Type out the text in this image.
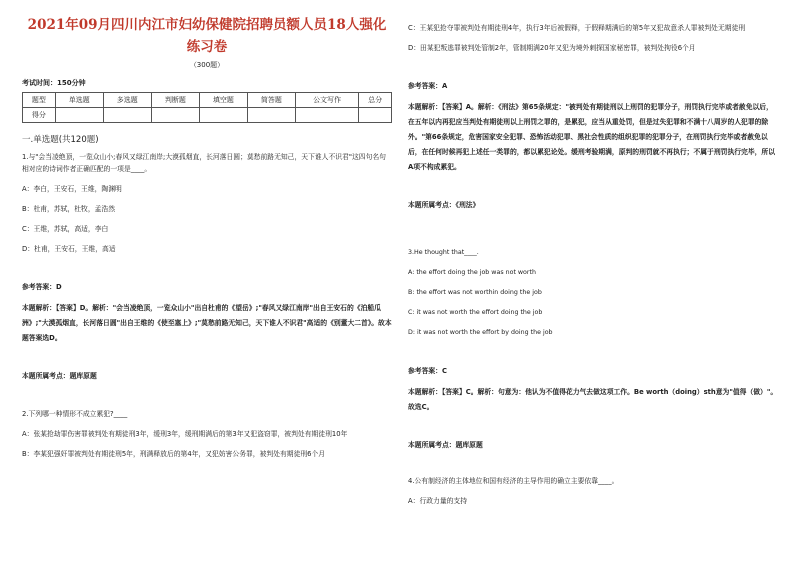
2021年09月四川内江市妇幼保健院招聘员额人员18人强化练习卷
（300题）
考试时间：150分钟
题型	单选题	多选题	判断题	填空题	简答题	公文写作	总分
得分							
一.单选题(共120题)
1.与"会当凌绝顶，一览众山小;春风又绿江南岸;大漠孤烟直，长河落日圆；莫愁前路无知己，天下谁人不识君"这四句名句相对应的诗词作者正确匹配的一项是____。
A：李白，王安石，王维，陶渊明
B：杜甫，苏轼，杜牧，孟浩然
C：王维，苏轼，高适，李白
D：杜甫，王安石，王维，高适
参考答案：D
本题解析：【答案】D。解析："会当凌绝顶，一览众山小"出自杜甫的《望岳》;"春风又绿江南岸"出自王安石的《泊船瓜洲》;"大漠孤烟直，长河落日圆"出自王维的《使至塞上》;"莫愁前路无知己，天下谁人不识君"高适的《别董大二首》。故本题答案选D。
本题所属考点：题库原题
2.下列哪一种情形不成立累犯?____
A：张某抢劫罪伤害罪被判处有期徒刑3年，缓刑3年，缓刑期满后的第3年又犯盗窃罪，被判处有期徒刑10年
B：李某犯强奸罪被判处有期徒刑5年，刑满释放后的第4年，又犯妨害公务罪，被判处有期徒刑6个月
C：王某犯抢夺罪被判处有期徒刑4年，执行3年后被假释，于假释期满后的第5年又犯故意杀人罪被判处无期徒刑
D：田某犯叛逃罪被判处管制2年，管制期满20年又犯为境外刺探国家秘密罪，被判处拘役6个月
参考答案：A
本题解析：【答案】A。解析：《刑法》第65条规定："被判处有期徒刑以上刑罚的犯罪分子，刑罚执行完毕或者赦免以后，在五年以内再犯应当判处有期徒刑以上刑罚之罪的，是累犯，应当从重处罚，但是过失犯罪和不满十八周岁的人犯罪的除外。"第66条规定，危害国家安全犯罪、恐怖活动犯罪、黑社会性质的组织犯罪的犯罪分子，在刑罚执行完毕或者赦免以后，在任何时候再犯上述任一类罪的，都以累犯论处。缓刑考验期满，原判的刑罚就不再执行；不属于刑罚执行完毕，所以A项不构成累犯。
本题所属考点：《刑法》
3.He thought that____.
A: the effort doing the job was not worth
B: the effort was not worthin doing the job
C: it was not worth the effort doing the job
D: it was not worth the effort by doing the job
参考答案：C
本题解析：【答案】C。解析：句意为：他认为不值得花力气去做这项工作。Be worth（doing）sth意为"值得（做）"。故选C。
本题所属考点：题库原题
4.公有制经济的主体地位和国有经济的主导作用的确立主要依靠____。
A：行政力量的支持
